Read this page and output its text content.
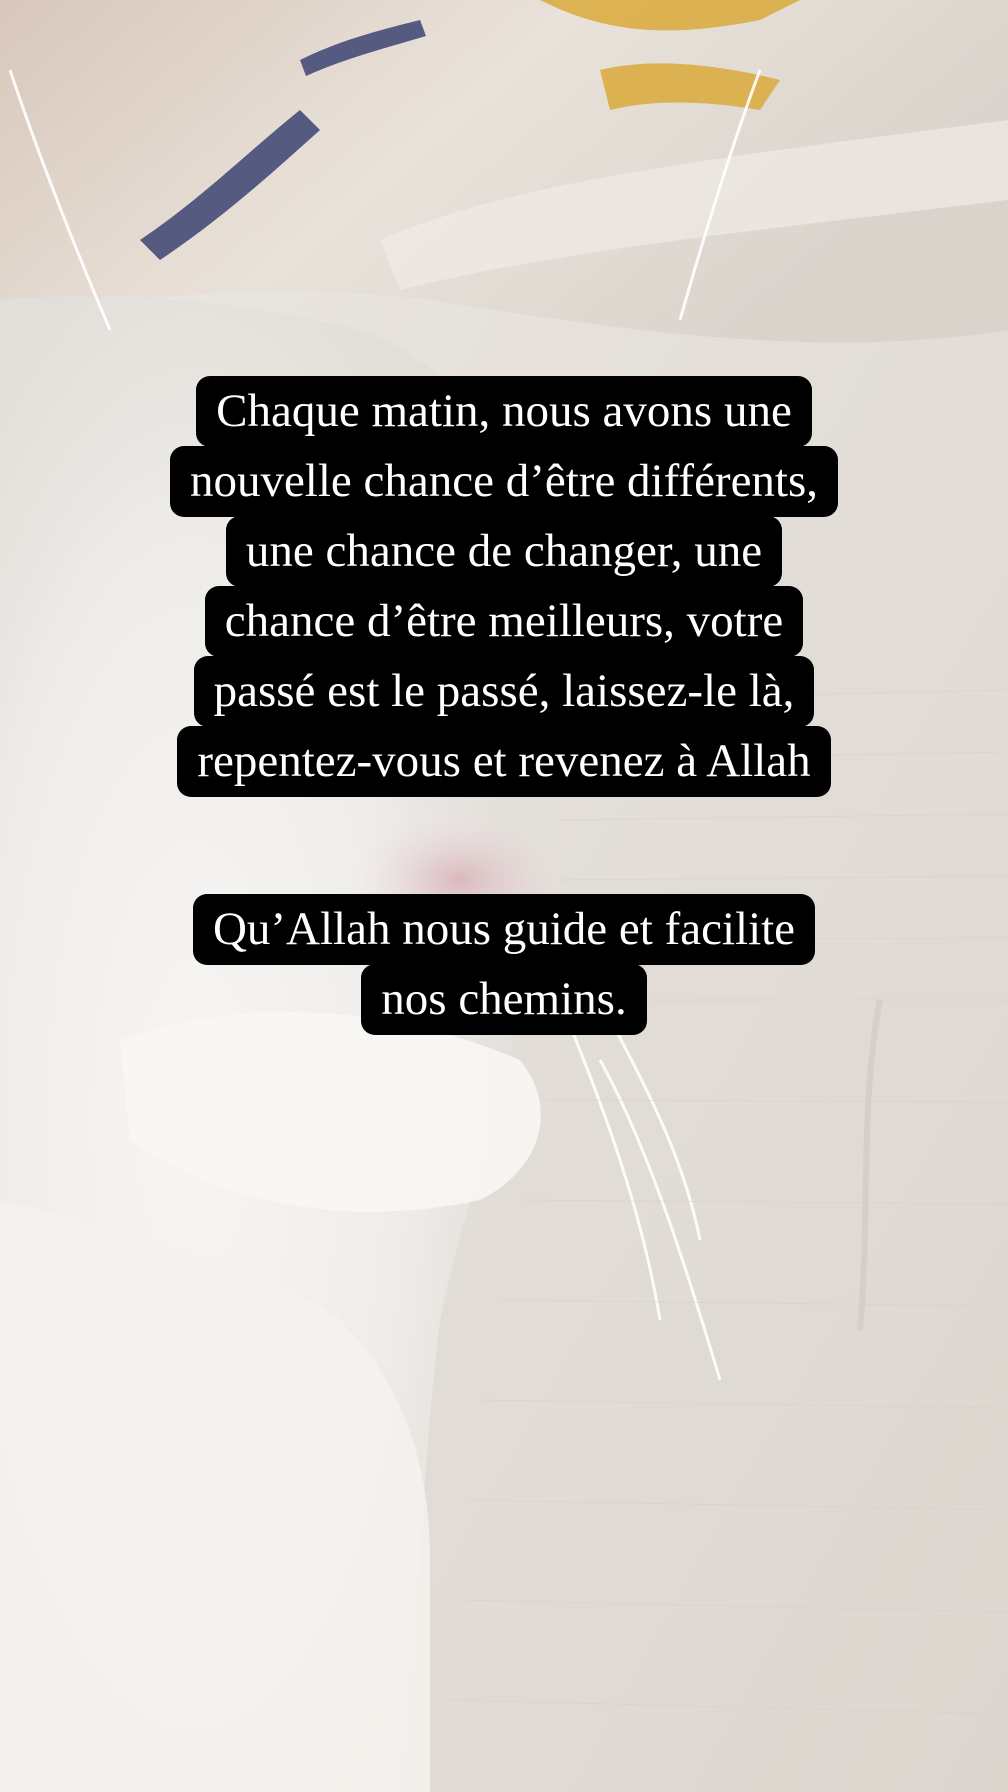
Chaque matin, nous avons une
nouvelle chance d’être différents,
une chance de changer, une
chance d’être meilleurs, votre
passé est le passé, laissez-le là,
repentez-vous et revenez à Allah
Qu’Allah nous guide et facilite
nos chemins.
